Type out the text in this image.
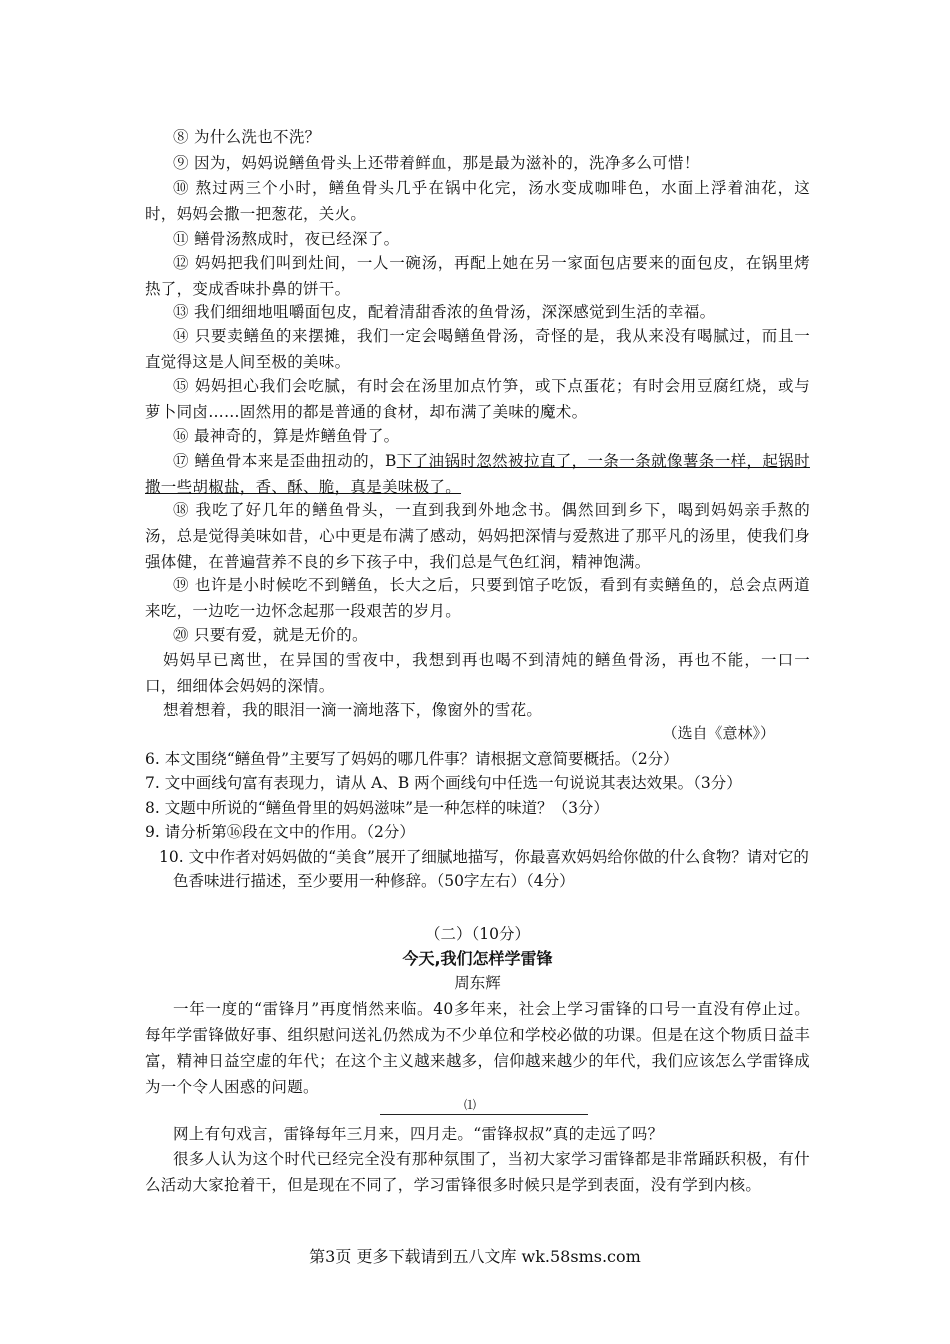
⑧ 为什么洗也不洗？

⑨ 因为，妈妈说鳝鱼骨头上还带着鲜血，那是最为滋补的，洗净多么可惜！

⑩ 熬过两三个小时，鳝鱼骨头几乎在锅中化完，汤水变成咖啡色，水面上浮着油花，这时，妈妈会撒一把葱花，关火。

⑪ 鳝骨汤熬成时，夜已经深了。

⑫ 妈妈把我们叫到灶间，一人一碗汤，再配上她在另一家面包店要来的面包皮，在锅里烤热了，变成香味扑鼻的饼干。

⑬ 我们细细地咀嚼面包皮，配着清甜香浓的鱼骨汤，深深感觉到生活的幸福。

⑭ 只要卖鳝鱼的来摆摊，我们一定会喝鳝鱼骨汤，奇怪的是，我从来没有喝腻过，而且一直觉得这是人间至极的美味。

⑮ 妈妈担心我们会吃腻，有时会在汤里加点竹笋，或下点蛋花；有时会用豆腐红烧，或与萝卜同卤……固然用的都是普通的食材，却布满了美味的魔术。

⑯ 最神奇的，算是炸鳝鱼骨了。

⑰ 鳝鱼骨本来是歪曲扭动的，B下了油锅时忽然被拉直了，一条一条就像薯条一样，起锅时撒一些胡椒盐，香、酥、脆，真是美味极了。

⑱ 我吃了好几年的鳝鱼骨头，一直到我到外地念书。偶然回到乡下，喝到妈妈亲手熬的汤，总是觉得美味如昔，心中更是布满了感动，妈妈把深情与爱熬进了那平凡的汤里，使我们身强体健，在普遍营养不良的乡下孩子中，我们总是气色红润，精神饱满。

⑲ 也许是小时候吃不到鳝鱼，长大之后，只要到馆子吃饭，看到有卖鳝鱼的，总会点两道来吃，一边吃一边怀念起那一段艰苦的岁月。

⑳ 只要有爱，就是无价的。

妈妈早已离世，在异国的雪夜中，我想到再也喝不到清炖的鳝鱼骨汤，再也不能，一口一口，细细体会妈妈的深情。

想着想着，我的眼泪一滴一滴地落下，像窗外的雪花。

（选自《意林》）

6. 本文围绕“鳝鱼骨”主要写了妈妈的哪几件事？请根据文意简要概括。（2分）

7. 文中画线句富有表现力，请从 A、B 两个画线句中任选一句说说其表达效果。（3分）

8. 文题中所说的“鳝鱼骨里的妈妈滋味”是一种怎样的味道？（3分）

9. 请分析第⑯段在文中的作用。（2分）

10. 文中作者对妈妈做的“美食”展开了细腻地描写，你最喜欢妈妈给你做的什么食物？请对它的色香味进行描述，至少要用一种修辞。（50字左右）（4分）

（二）（10分）

今天,我们怎样学雷锋

周东辉

一年一度的“雷锋月”再度悄然来临。40多年来，社会上学习雷锋的口号一直没有停止过。每年学雷锋做好事、组织慰问送礼仍然成为不少单位和学校必做的功课。但是在这个物质日益丰富，精神日益空虚的年代；在这个主义越来越多，信仰越来越少的年代，我们应该怎么学雷锋成为一个令人困惑的问题。

⑴

网上有句戏言，雷锋每年三月来，四月走。“雷锋叔叔”真的走远了吗？

很多人认为这个时代已经完全没有那种氛围了，当初大家学习雷锋都是非常踊跃积极，有什么活动大家抢着干，但是现在不同了，学习雷锋很多时候只是学到表面，没有学到内核。

第3页 更多下载请到五八文库 wk.58sms.com
